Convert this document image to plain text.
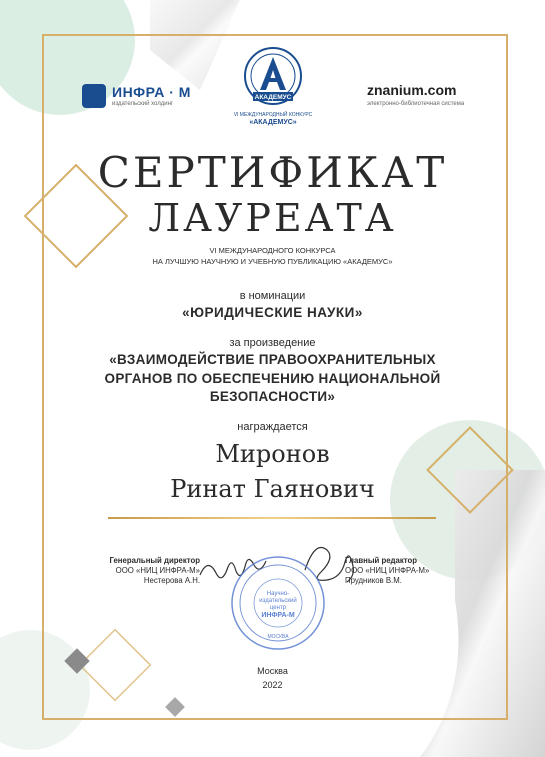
ИНФРА · М
издательский холдинг
АКАДЕМУС
VI МЕЖДУНАРОДНЫЙ КОНКУРС
«АКАДЕМУС»
znanium.com
электронно-библиотечная система
СЕРТИФИКАТ
ЛАУРЕАТА
VI МЕЖДУНАРОДНОГО КОНКУРСА
НА ЛУЧШУЮ НАУЧНУЮ И УЧЕБНУЮ ПУБЛИКАЦИЮ «АКАДЕМУС»
в номинации
«ЮРИДИЧЕСКИЕ НАУКИ»
за произведение
«ВЗАИМОДЕЙСТВИЕ ПРАВООХРАНИТЕЛЬНЫХ
ОРГАНОВ ПО ОБЕСПЕЧЕНИЮ НАЦИОНАЛЬНОЙ
БЕЗОПАСНОСТИ»
награждается
Миронов
Ринат Гаянович
Генеральный директор
ООО «НИЦ ИНФРА-М»
Нестерова А.Н.
Главный редактор
ООО «НИЦ ИНФРА-М»
Прудников В.М.
Научно-
издательский
центр
ИНФРА-М
МОСКВА
Москва
2022
